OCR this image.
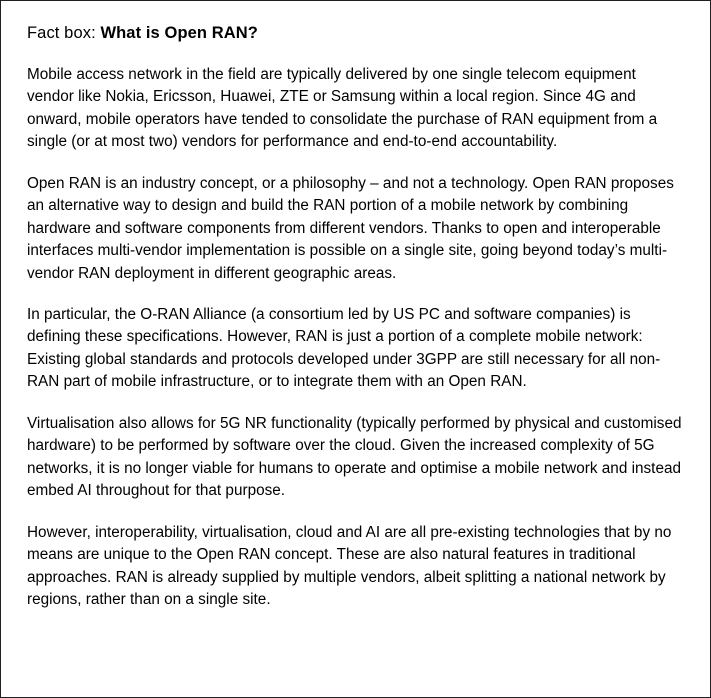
Fact box: What is Open RAN?

Mobile access network in the field are typically delivered by one single telecom equipment vendor like Nokia, Ericsson, Huawei, ZTE or Samsung within a local region. Since 4G and onward, mobile operators have tended to consolidate the purchase of RAN equipment from a single (or at most two) vendors for performance and end-to-end accountability.

Open RAN is an industry concept, or a philosophy – and not a technology. Open RAN proposes an alternative way to design and build the RAN portion of a mobile network by combining hardware and software components from different vendors. Thanks to open and interoperable interfaces multi-vendor implementation is possible on a single site, going beyond today’s multi-vendor RAN deployment in different geographic areas.

In particular, the O-RAN Alliance (a consortium led by US PC and software companies) is defining these specifications. However, RAN is just a portion of a complete mobile network: Existing global standards and protocols developed under 3GPP are still necessary for all non-RAN part of mobile infrastructure, or to integrate them with an Open RAN.

Virtualisation also allows for 5G NR functionality (typically performed by physical and customised hardware) to be performed by software over the cloud. Given the increased complexity of 5G networks, it is no longer viable for humans to operate and optimise a mobile network and instead embed AI throughout for that purpose.

However, interoperability, virtualisation, cloud and AI are all pre-existing technologies that by no means are unique to the Open RAN concept. These are also natural features in traditional approaches. RAN is already supplied by multiple vendors, albeit splitting a national network by regions, rather than on a single site.
